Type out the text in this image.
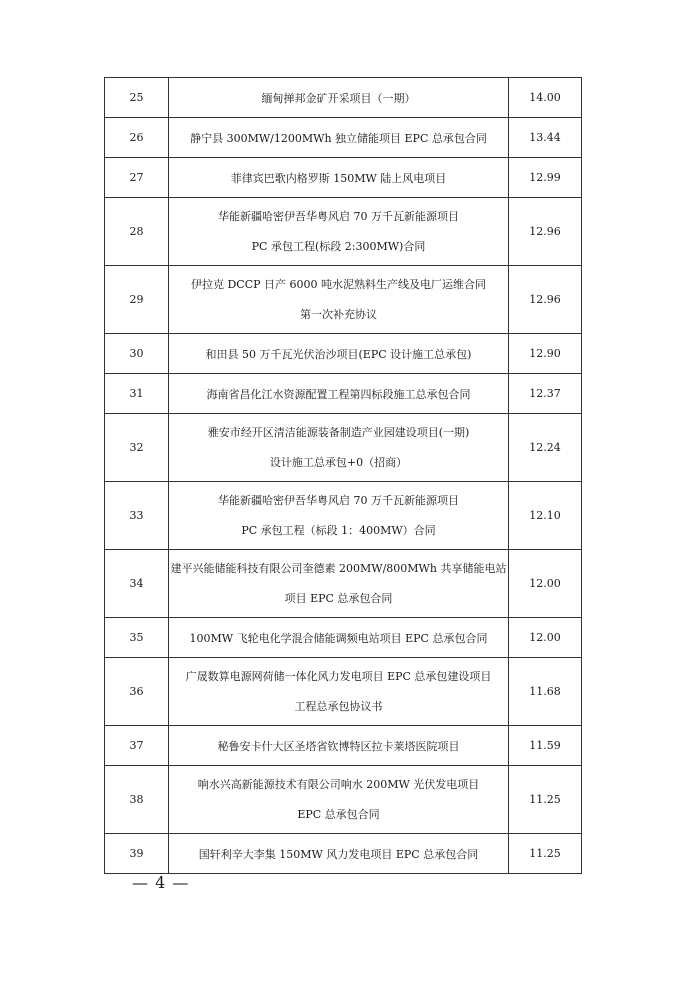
25	缅甸掸邦金矿开采项目（一期）	14.00
26	静宁县 300MW/1200MWh 独立储能项目 EPC 总承包合同	13.44
27	菲律宾巴歌内格罗斯 150MW 陆上风电项目	12.99
28	华能新疆哈密伊吾华粤风启 70 万千瓦新能源项目
PC 承包工程(标段 2:300MW)合同	12.96
29	伊拉克 DCCP 日产 6000 吨水泥熟料生产线及电厂运维合同
第一次补充协议	12.96
30	和田县 50 万千瓦光伏治沙项目(EPC 设计施工总承包)	12.90
31	海南省昌化江水资源配置工程第四标段施工总承包合同	12.37
32	雅安市经开区清洁能源装备制造产业园建设项目(一期)
设计施工总承包+0（招商）	12.24
33	华能新疆哈密伊吾华粤风启 70 万千瓦新能源项目
PC 承包工程（标段 1：400MW）合同	12.10
34	建平兴能储能科技有限公司奎德素 200MW/800MWh 共享储能电站
项目 EPC 总承包合同	12.00
35	100MW 飞轮电化学混合储能调频电站项目 EPC 总承包合同	12.00
36	广晟数算电源网荷储一体化风力发电项目 EPC 总承包建设项目
工程总承包协议书	11.68
37	秘鲁安卡什大区圣塔省钦博特区拉卡莱塔医院项目	11.59
38	响水兴高新能源技术有限公司响水 200MW 光伏发电项目
EPC 总承包合同	11.25
39	国轩利辛大李集 150MW 风力发电项目 EPC 总承包合同	11.25
— 4 —
